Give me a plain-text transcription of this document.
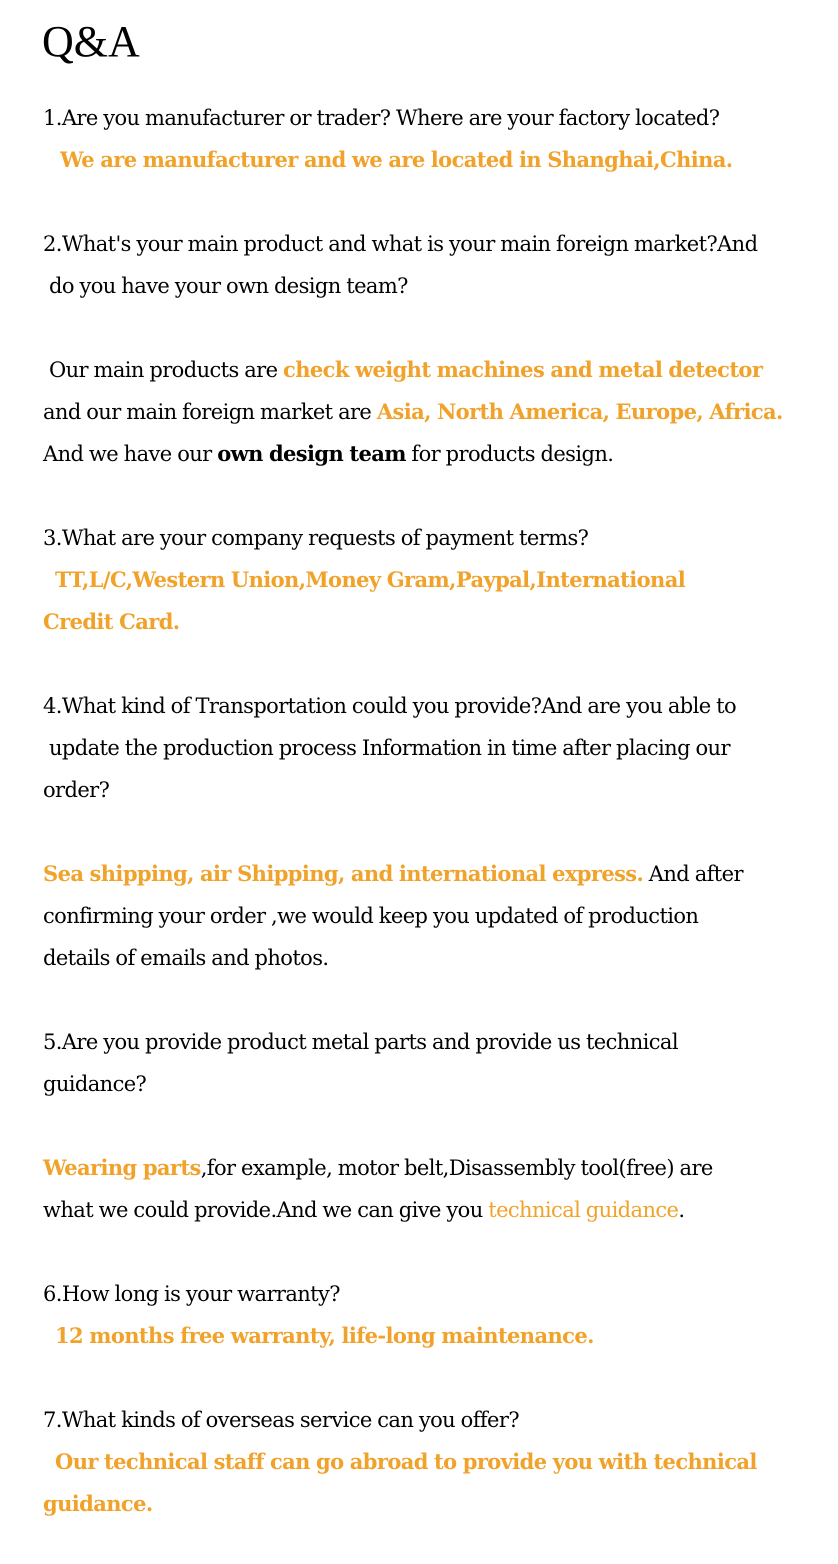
Q&A
1.Are you manufacturer or trader? Where are your factory located?
We are manufacturer and we are located in Shanghai,China.
2.What's your main product and what is your main foreign market?And
do you have your own design team?
Our main products are check weight machines and metal detector
and our main foreign market are Asia, North America, Europe, Africa.
And we have our own design team for products design.
3.What are your company requests of payment terms?
TT,L/C,Western Union,Money Gram,Paypal,International
Credit Card.
4.What kind of Transportation could you provide?And are you able to
update the production process Information in time after placing our
order?
Sea shipping, air Shipping, and international express. And after
confirming your order ,we would keep you updated of production
details of emails and photos.
5.Are you provide product metal parts and provide us technical
guidance?
Wearing parts,for example, motor belt,Disassembly tool(free) are
what we could provide.And we can give you technical guidance.
6.How long is your warranty?
12 months free warranty, life-long maintenance.
7.What kinds of overseas service can you offer?
Our technical staff can go abroad to provide you with technical
guidance.
